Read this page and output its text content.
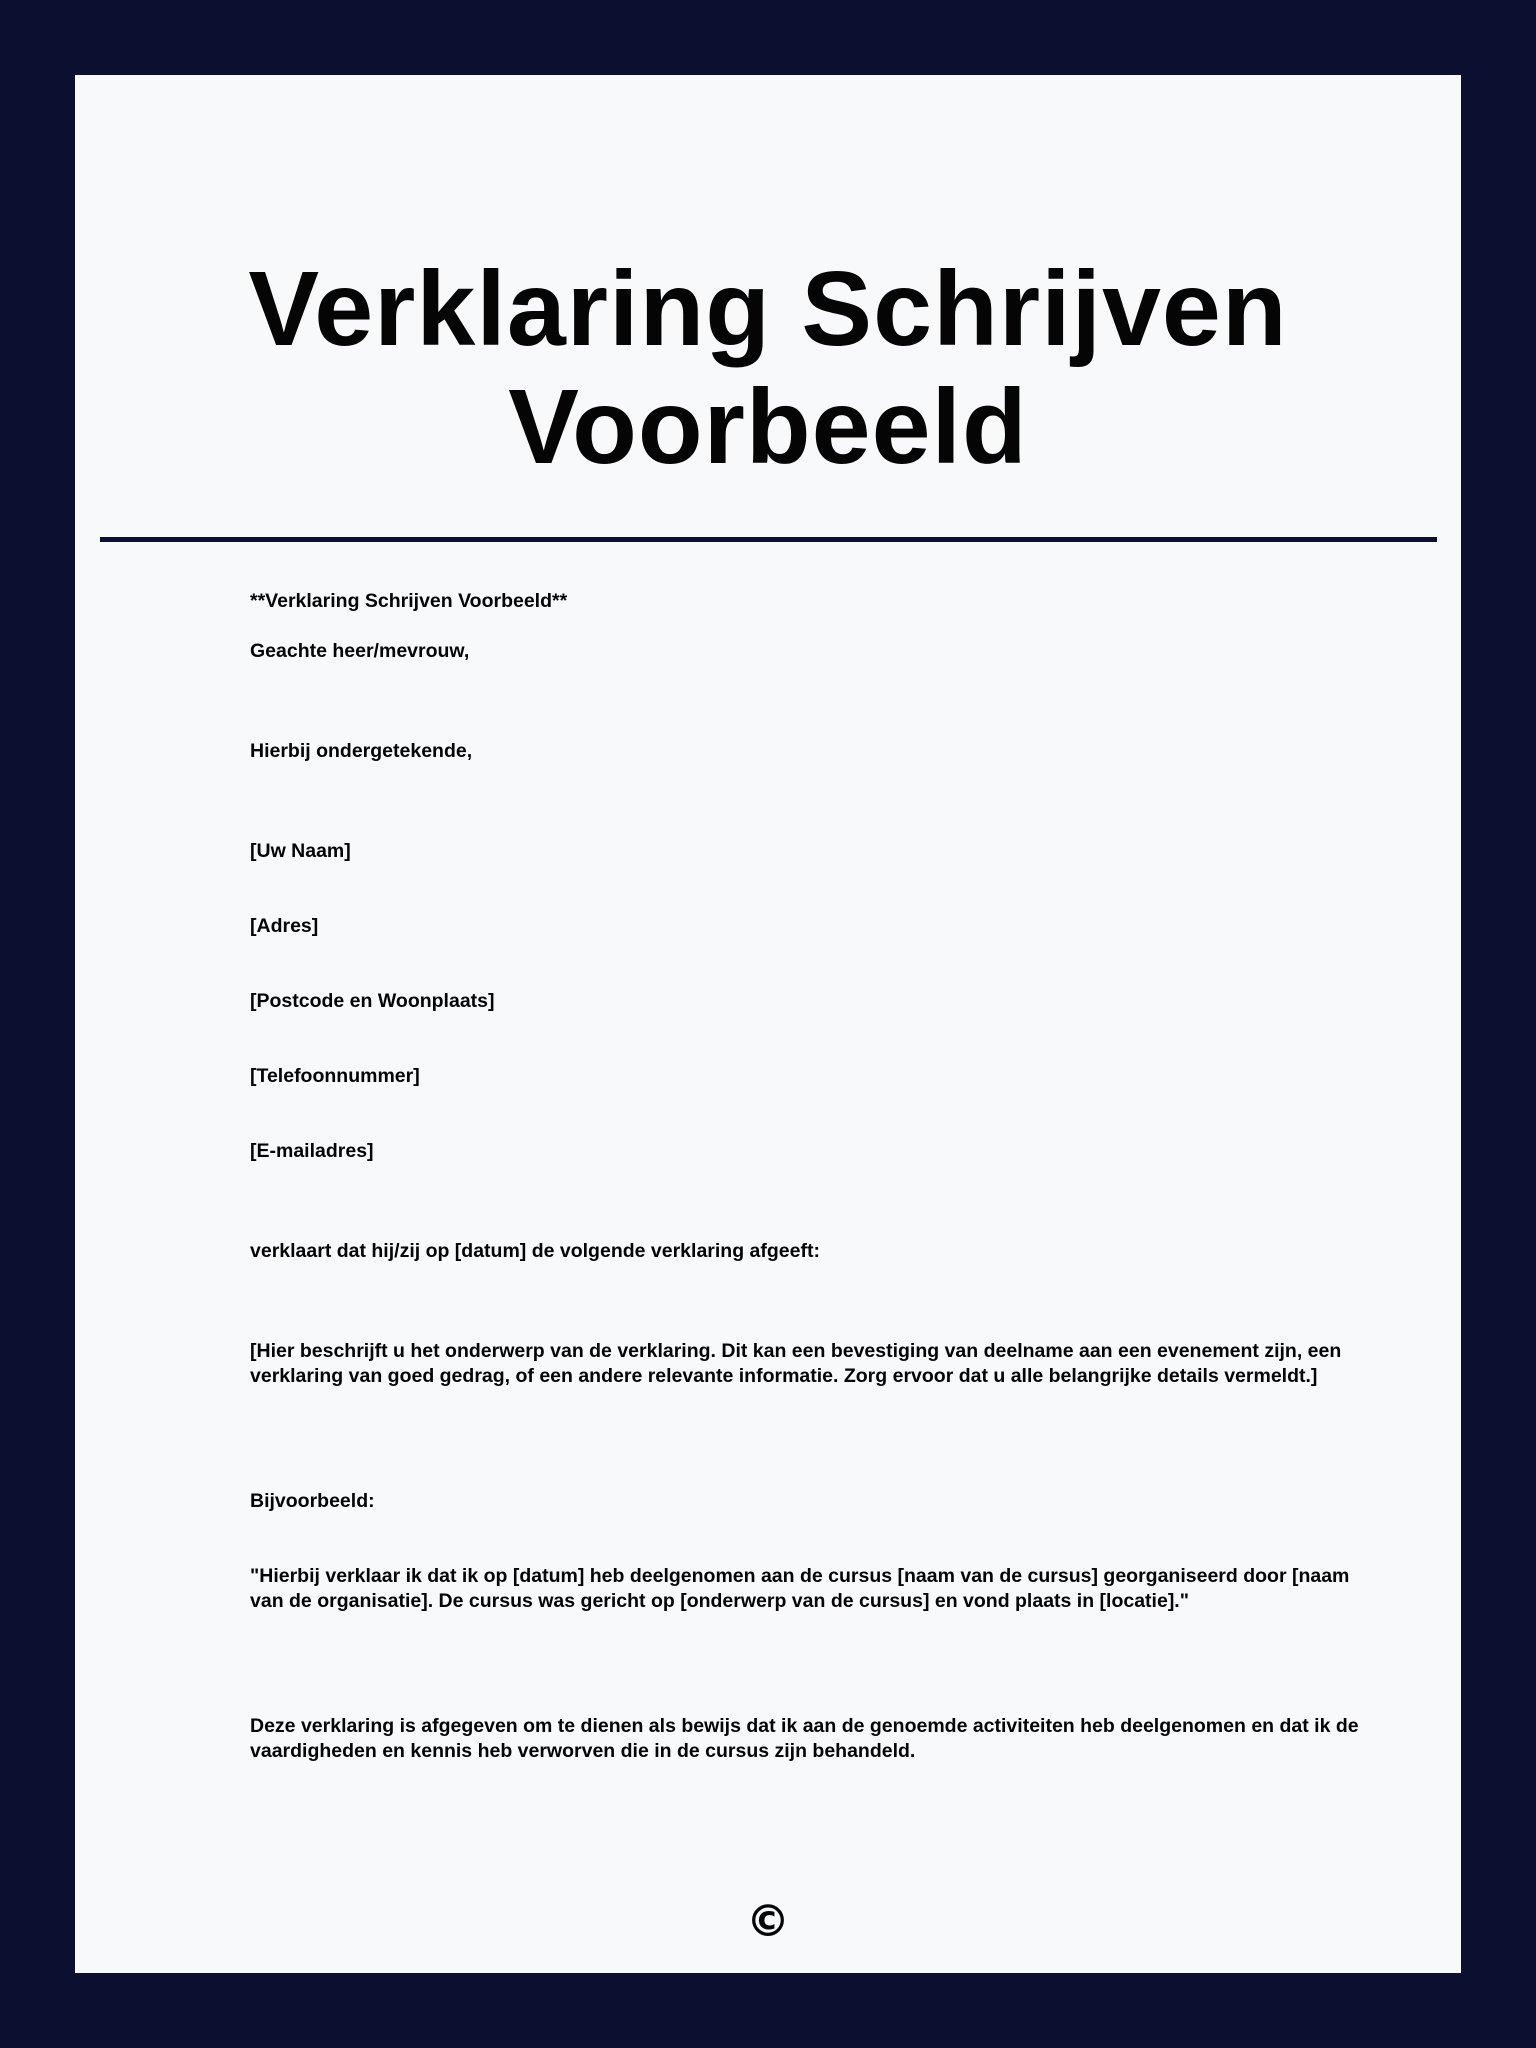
Verklaring Schrijven Voorbeeld

**Verklaring Schrijven Voorbeeld**

Geachte heer/mevrouw,

Hierbij ondergetekende,

[Uw Naam]

[Adres]

[Postcode en Woonplaats]

[Telefoonnummer]

[E-mailadres]

verklaart dat hij/zij op [datum] de volgende verklaring afgeeft:

[Hier beschrijft u het onderwerp van de verklaring. Dit kan een bevestiging van deelname aan een evenement zijn, een verklaring van goed gedrag, of een andere relevante informatie. Zorg ervoor dat u alle belangrijke details vermeldt.]

Bijvoorbeeld:

"Hierbij verklaar ik dat ik op [datum] heb deelgenomen aan de cursus [naam van de cursus] georganiseerd door [naam van de organisatie]. De cursus was gericht op [onderwerp van de cursus] en vond plaats in [locatie]."

Deze verklaring is afgegeven om te dienen als bewijs dat ik aan de genoemde activiteiten heb deelgenomen en dat ik de vaardigheden en kennis heb verworven die in de cursus zijn behandeld.

©
